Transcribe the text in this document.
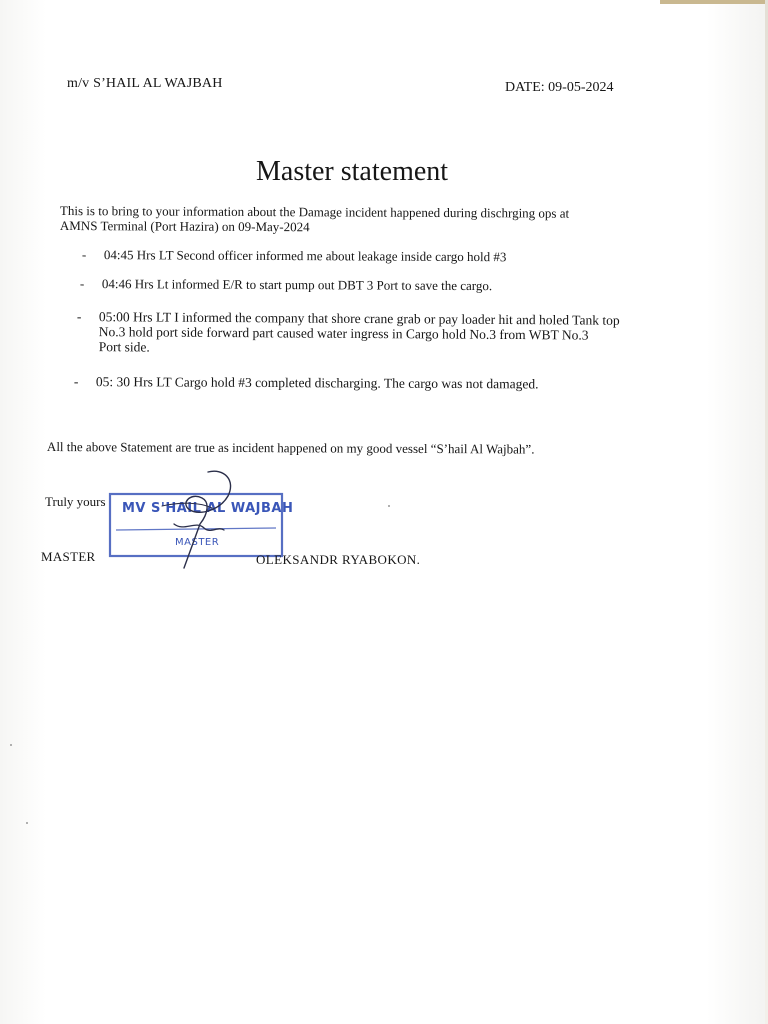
m/v S’HAIL AL WAJBAH	DATE: 09-05-2024
Master statement
This is to bring to your information about the Damage incident happened during dischrging ops at
AMNS Terminal (Port Hazira) on 09-May-2024
- 04:45 Hrs LT Second officer informed me about leakage inside cargo hold #3
- 04:46 Hrs Lt informed E/R to start pump out DBT 3 Port to save the cargo.
- 05:00 Hrs LT I informed the company that shore crane grab or pay loader hit and holed Tank top
No.3 hold port side forward part caused water ingress in Cargo hold No.3 from WBT No.3
Port side.
- 05: 30 Hrs LT Cargo hold #3 completed discharging. The cargo was not damaged.
All the above Statement are true as incident happened on my good vessel “S’hail Al Wajbah”.
Truly yours MV S'HAIL AL WAJBAH
MASTER
MASTER	OLEKSANDR RYABOKON.
